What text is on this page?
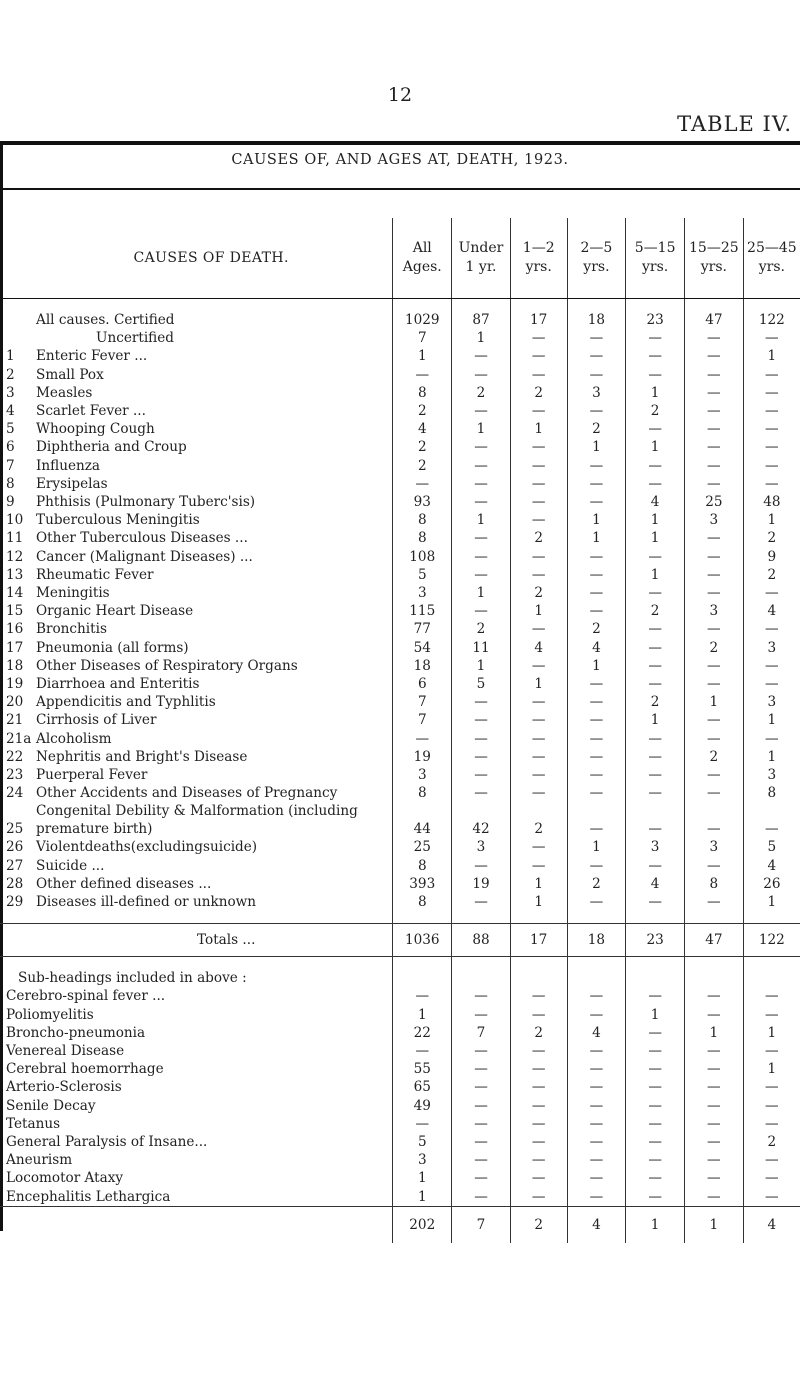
12
TABLE IV.
CAUSES OF, AND AGES AT, DEATH, 1923.
CAUSES OF DEATH.	All Ages.	Under 1 yr.	1—2 yrs.	2—5 yrs.	5—15 yrs.	15—25 yrs.	25—45 yrs.

All causes. Certified	1029	87	17	18	23	47	122
Uncertified	7	1	—	—	—	—	—
1 Enteric Fever ...	1	—	—	—	—	—	1
2 Small Pox	—	—	—	—	—	—	—
3 Measles	8	2	2	3	1	—	—
4 Scarlet Fever ...	2	—	—	—	2	—	—
5 Whooping Cough	4	1	1	2	—	—	—
6 Diphtheria and Croup	2	—	—	1	1	—	—
7 Influenza	2	—	—	—	—	—	—
8 Erysipelas	—	—	—	—	—	—	—
9 Phthisis (Pulmonary Tuberc'sis)	93	—	—	—	4	25	48
10 Tuberculous Meningitis	8	1	—	1	1	3	1
11 Other Tuberculous Diseases ...	8	—	2	1	1	—	2
12 Cancer (Malignant Diseases) ...	108	—	—	—	—	—	9
13 Rheumatic Fever	5	—	—	—	1	—	2
14 Meningitis	3	1	2	—	—	—	—
15 Organic Heart Disease	115	—	1	—	2	3	4
16 Bronchitis	77	2	—	2	—	—	—
17 Pneumonia (all forms)	54	11	4	4	—	2	3
18 Other Diseases of Respiratory Organs	18	1	—	1	—	—	—
19 Diarrhoea and Enteritis	6	5	1	—	—	—	—
20 Appendicitis and Typhlitis	7	—	—	—	2	1	3
21 Cirrhosis of Liver	7	—	—	—	1	—	1
21a Alcoholism	—	—	—	—	—	—	—
22 Nephritis and Bright's Disease	19	—	—	—	—	2	1
23 Puerperal Fever	3	—	—	—	—	—	3
24 Other Accidents and Diseases of Pregnancy	8	—	—	—	—	—	8
25Congenital Debility & Malformation (including premature birth)	44	42	2	—	—	—	—
26 Violentdeaths(excludingsuicide)	25	3	—	1	3	3	5
27 Suicide ...	8	—	—	—	—	—	4
28 Other defined diseases ...	393	19	1	2	4	8	26
29 Diseases ill-defined or unknown	8	—	1	—	—	—	1

Totals ...	1036	88	17	18	23	47	122
Sub-headings included in above :							
Cerebro-spinal fever ...	—	—	—	—	—	—	—
Poliomyelitis	1	—	—	—	1	—	—
Broncho-pneumonia	22	7	2	4	—	1	1
Venereal Disease	—	—	—	—	—	—	—
Cerebral hoemorrhage	55	—	—	—	—	—	1
Arterio-Sclerosis	65	—	—	—	—	—	—
Senile Decay	49	—	—	—	—	—	—
Tetanus	—	—	—	—	—	—	—
General Paralysis of Insane...	5	—	—	—	—	—	2
Aneurism	3	—	—	—	—	—	—
Locomotor Ataxy	1	—	—	—	—	—	—
Encephalitis Lethargica	1	—	—	—	—	—	—
	202	7	2	4	1	1	4
